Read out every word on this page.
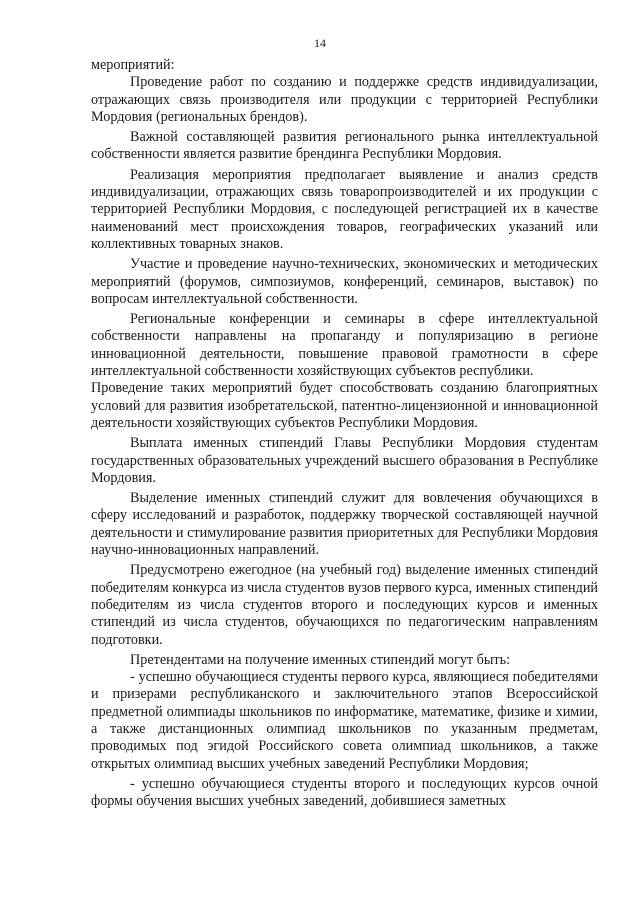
14

мероприятий:

Проведение работ по созданию и поддержке средств индивидуализации, отражающих связь производителя или продукции с территорией Республики Мордовия (региональных брендов).

Важной составляющей развития регионального рынка интеллектуальной собственности является развитие брендинга Республики Мордовия.

Реализация мероприятия предполагает выявление и анализ средств индивидуализации, отражающих связь товаропроизводителей и их продукции с территорией Республики Мордовия, с последующей регистрацией их в качестве наименований мест происхождения товаров, географических указаний или коллективных товарных знаков.

Участие и проведение научно-технических, экономических и методических мероприятий (форумов, симпозиумов, конференций, семинаров, выставок) по вопросам интеллектуальной собственности.

Региональные конференции и семинары в сфере интеллектуальной собственности направлены на пропаганду и популяризацию в регионе инновационной деятельности, повышение правовой грамотности в сфере интеллектуальной собственности хозяйствующих субъектов республики.

Проведение таких мероприятий будет способствовать созданию благоприятных условий для развития изобретательской, патентно-лицензионной и инновационной деятельности хозяйствующих субъектов Республики Мордовия.

Выплата именных стипендий Главы Республики Мордовия студентам государственных образовательных учреждений высшего образования в Республике Мордовия.

Выделение именных стипендий служит для вовлечения обучающихся в сферу исследований и разработок, поддержку творческой составляющей научной деятельности и стимулирование развития приоритетных для Республики Мордовия научно-инновационных направлений.

Предусмотрено ежегодное (на учебный год) выделение именных стипендий победителям конкурса из числа студентов вузов первого курса, именных стипендий победителям из числа студентов второго и последующих курсов и именных стипендий из числа студентов, обучающихся по педагогическим направлениям подготовки.

Претендентами на получение именных стипендий могут быть:

- успешно обучающиеся студенты первого курса, являющиеся победителями и призерами республиканского и заключительного этапов Всероссийской предметной олимпиады школьников по информатике, математике, физике и химии, а также дистанционных олимпиад школьников по указанным предметам, проводимых под эгидой Российского совета олимпиад школьников, а также открытых олимпиад высших учебных заведений Республики Мордовия;

- успешно обучающиеся студенты второго и последующих курсов очной формы обучения высших учебных заведений, добившиеся заметных
